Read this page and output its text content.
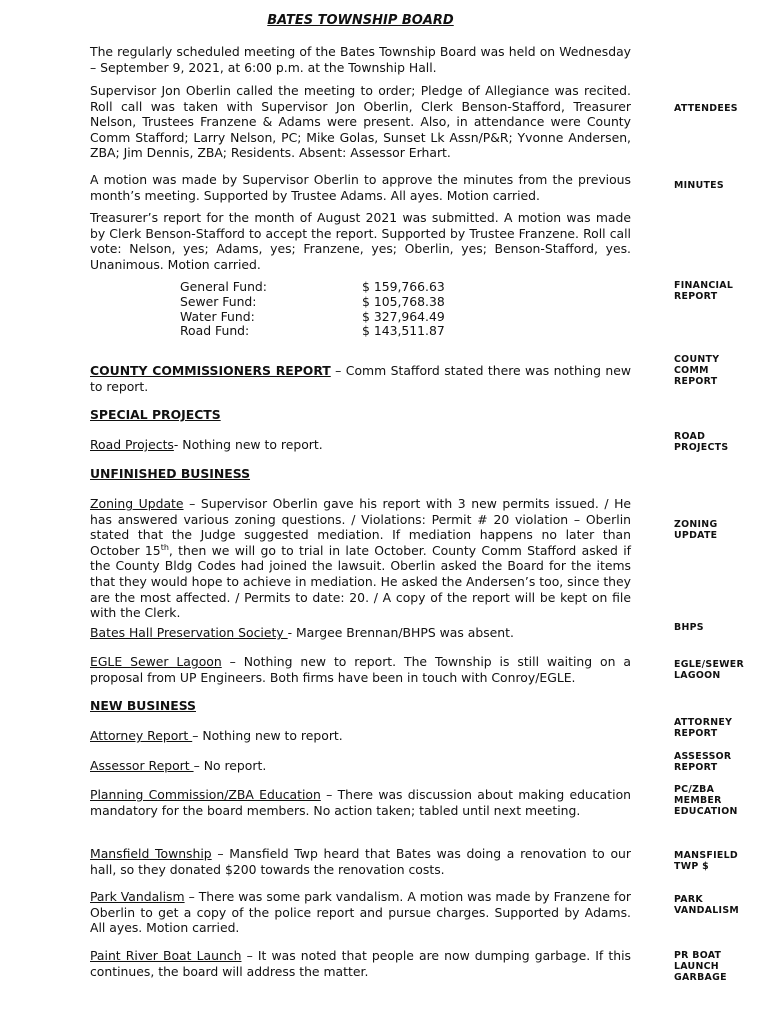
BATES TOWNSHIP BOARD

The regularly scheduled meeting of the Bates Township Board was held on Wednesday – September 9, 2021, at 6:00 p.m. at the Township Hall.

Supervisor Jon Oberlin called the meeting to order; Pledge of Allegiance was recited. Roll call was taken with Supervisor Jon Oberlin, Clerk Benson-Stafford, Treasurer Nelson, Trustees Franzene & Adams were present. Also, in attendance were County Comm Stafford; Larry Nelson, PC; Mike Golas, Sunset Lk Assn/P&R; Yvonne Andersen, ZBA; Jim Dennis, ZBA; Residents. Absent: Assessor Erhart.

A motion was made by Supervisor Oberlin to approve the minutes from the previous month’s meeting. Supported by Trustee Adams. All ayes. Motion carried.

Treasurer’s report for the month of August 2021 was submitted. A motion was made by Clerk Benson-Stafford to accept the report. Supported by Trustee Franzene. Roll call vote: Nelson, yes; Adams, yes; Franzene, yes; Oberlin, yes; Benson-Stafford, yes. Unanimous. Motion carried.

General Fund:	$ 159,766.63
Sewer Fund:	$ 105,768.38
Water Fund:	$ 327,964.49
Road Fund:	$ 143,511.87

COUNTY COMMISSIONERS REPORT – Comm Stafford stated there was nothing new to report.

SPECIAL PROJECTS

Road Projects- Nothing new to report.

UNFINISHED BUSINESS

Zoning Update – Supervisor Oberlin gave his report with 3 new permits issued. / He has answered various zoning questions. / Violations: Permit # 20 violation – Oberlin stated that the Judge suggested mediation. If mediation happens no later than October 15th, then we will go to trial in late October. County Comm Stafford asked if the County Bldg Codes had joined the lawsuit. Oberlin asked the Board for the items that they would hope to achieve in mediation. He asked the Andersen’s too, since they are the most affected. / Permits to date: 20. / A copy of the report will be kept on file with the Clerk.

Bates Hall Preservation Society - Margee Brennan/BHPS was absent.

EGLE Sewer Lagoon – Nothing new to report. The Township is still waiting on a proposal from UP Engineers. Both firms have been in touch with Conroy/EGLE.

NEW BUSINESS

Attorney Report – Nothing new to report.

Assessor Report – No report.

Planning Commission/ZBA Education – There was discussion about making education mandatory for the board members. No action taken; tabled until next meeting.

Mansfield Township – Mansfield Twp heard that Bates was doing a renovation to our hall, so they donated $200 towards the renovation costs.

Park Vandalism – There was some park vandalism. A motion was made by Franzene for Oberlin to get a copy of the police report and pursue charges. Supported by Adams. All ayes. Motion carried.

Paint River Boat Launch – It was noted that people are now dumping garbage. If this continues, the board will address the matter.

ATTENDEES
MINUTES
FINANCIAL
REPORT
COUNTY
COMM
REPORT
ROAD
PROJECTS
ZONING
UPDATE
BHPS
EGLE/SEWER
LAGOON
ATTORNEY
REPORT
ASSESSOR
REPORT
PC/ZBA
MEMBER
EDUCATION
MANSFIELD
TWP $
PARK
VANDALISM
PR BOAT
LAUNCH
GARBAGE
